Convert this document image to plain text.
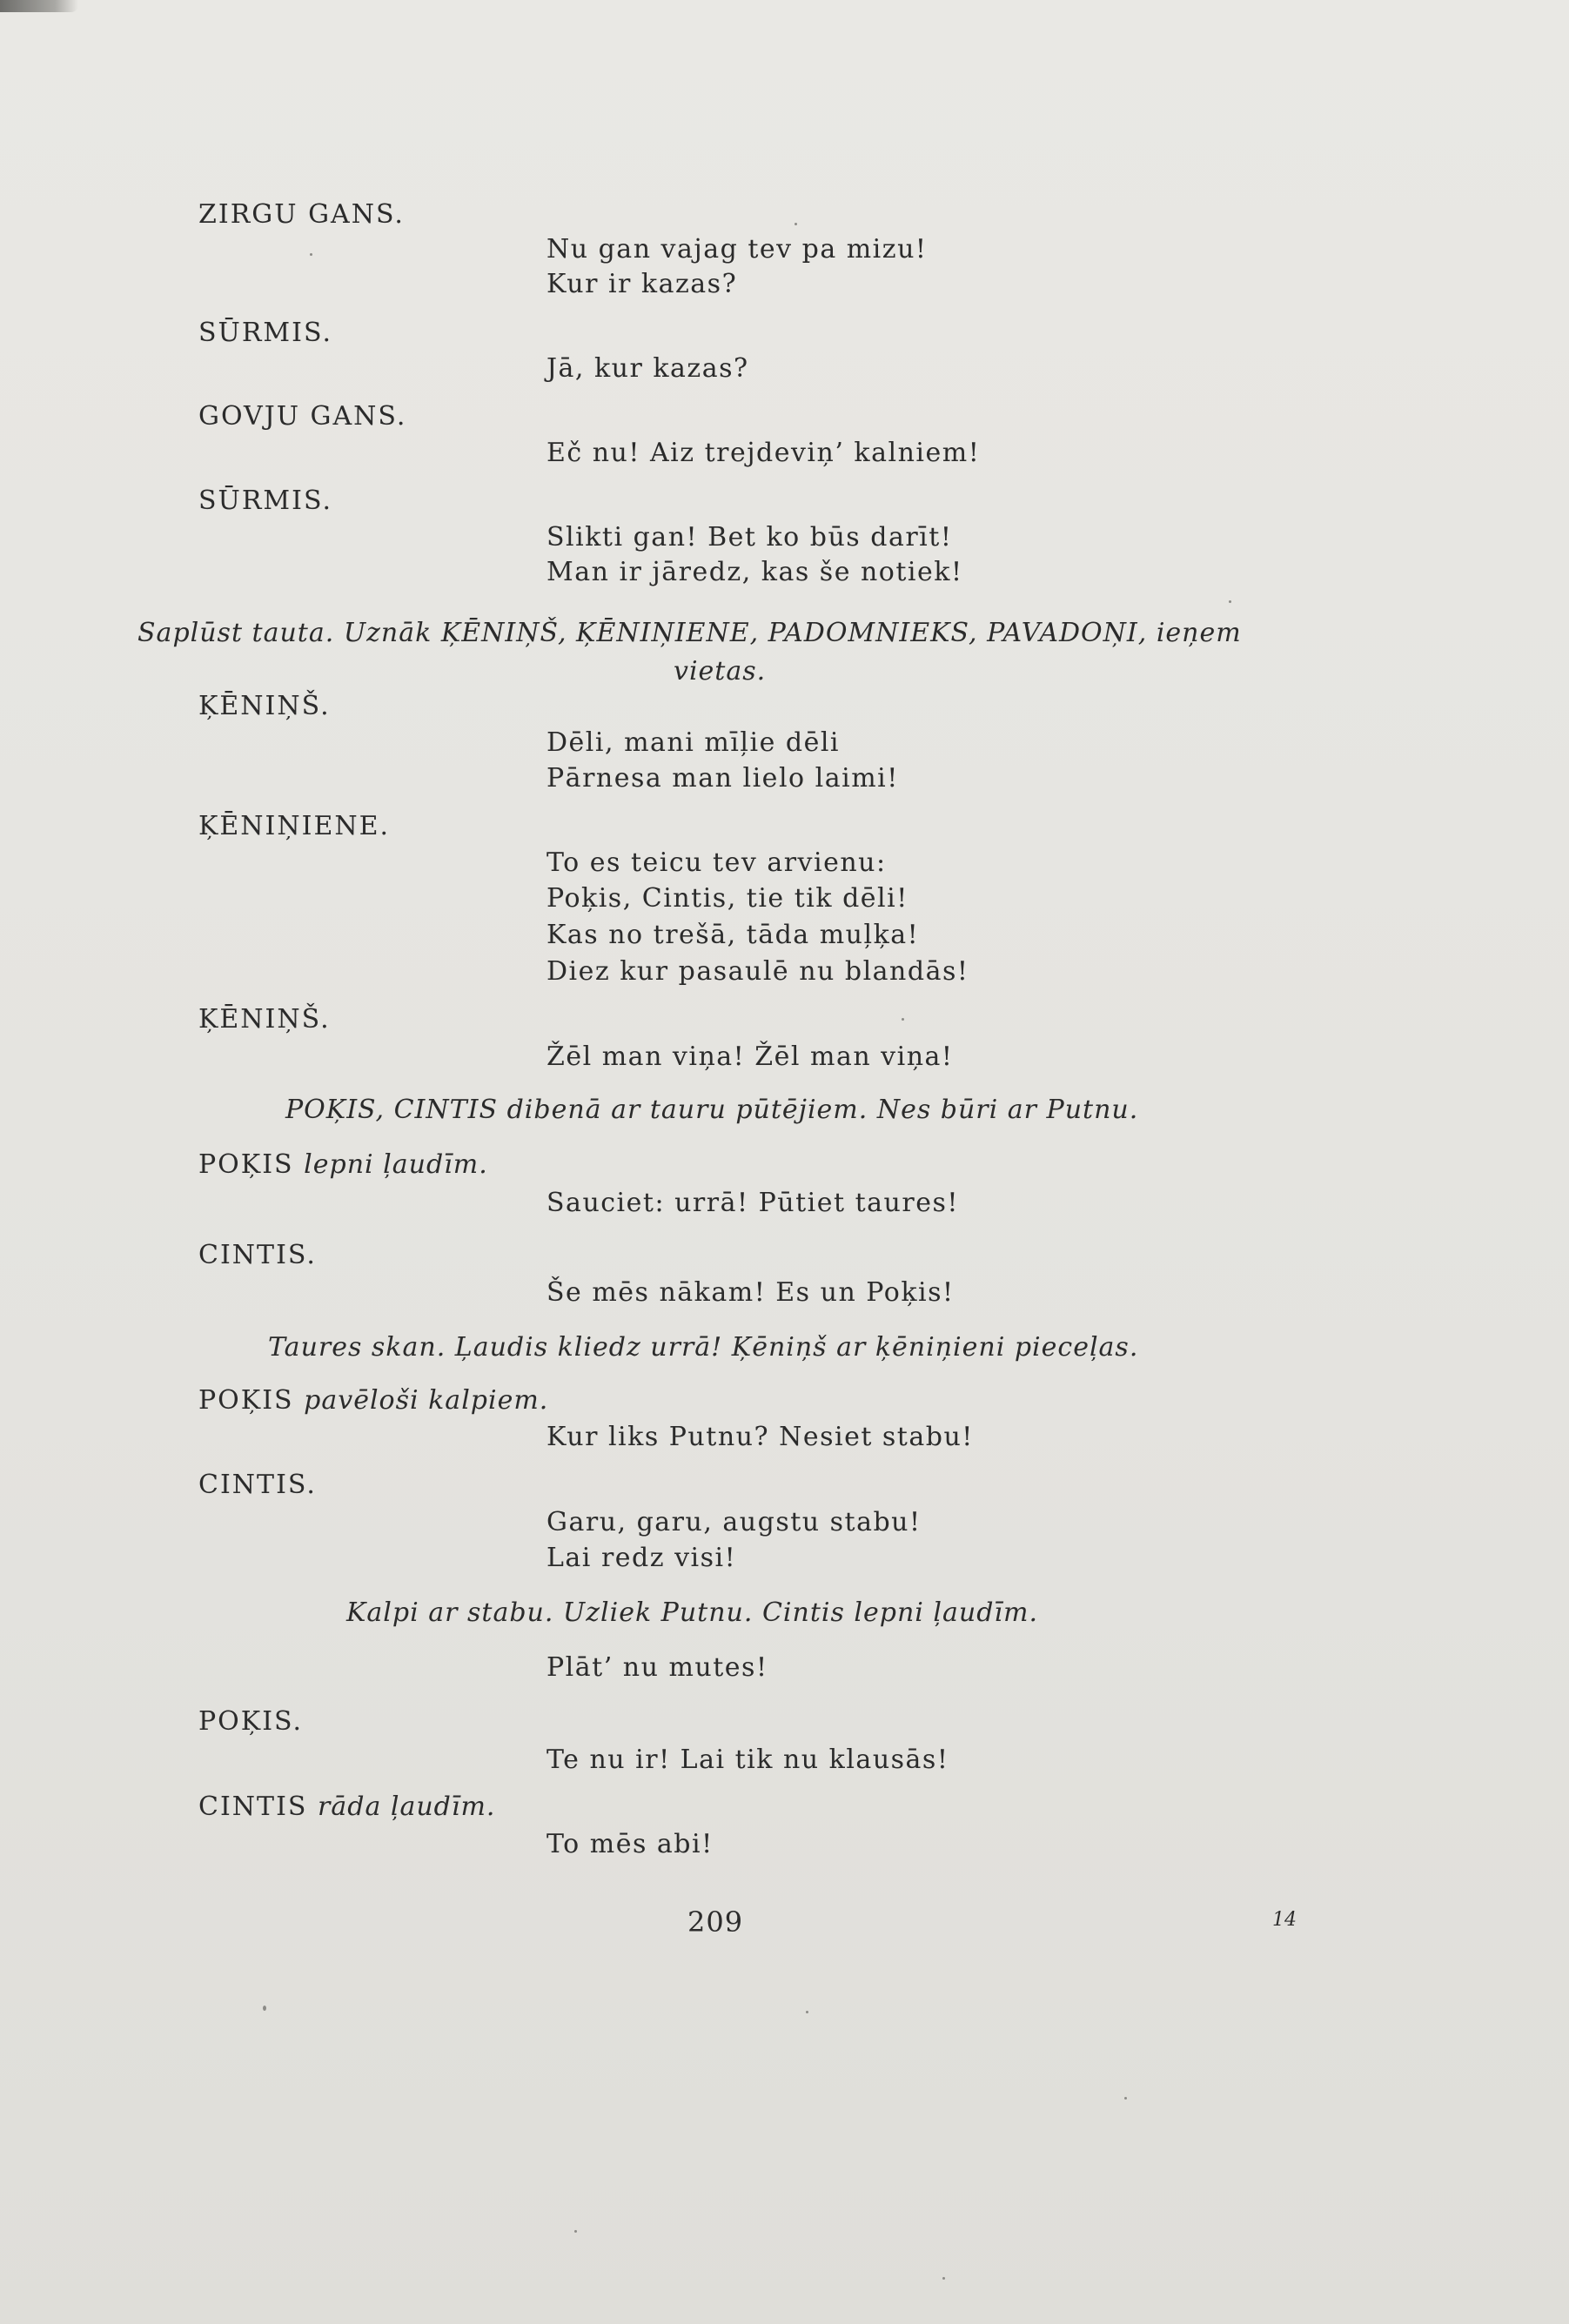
ZIRGU GANS.
Nu gan vajag tev pa mizu!
Kur ir kazas?
SŪRMIS.
Jā, kur kazas?
GOVJU GANS.
Eč nu! Aiz trejdeviņ’ kalniem!
SŪRMIS.
Slikti gan! Bet ko būs darīt!
Man ir jāredz, kas še notiek!
Saplūst tauta. Uznāk ĶĒNIŅŠ, ĶĒNIŅIENE, PADOMNIEKS, PAVADOŅI, ieņem
vietas.
ĶĒNIŅŠ.
Dēli, mani mīļie dēli
Pārnesa man lielo laimi!
ĶĒNIŅIENE.
To es teicu tev arvienu:
Poķis, Cintis, tie tik dēli!
Kas no trešā, tāda muļķa!
Diez kur pasaulē nu blandās!
ĶĒNIŅŠ.
Žēl man viņa! Žēl man viņa!
POĶIS, CINTIS dibenā ar tauru pūtējiem. Nes būri ar Putnu.
POĶIS lepni ļaudīm.
Sauciet: urrā! Pūtiet taures!
CINTIS.
Še mēs nākam! Es un Poķis!
Taures skan. Ļaudis kliedz urrā! Ķēniņš ar ķēniņieni pieceļas.
POĶIS pavēloši kalpiem.
Kur liks Putnu? Nesiet stabu!
CINTIS.
Garu, garu, augstu stabu!
Lai redz visi!
Kalpi ar stabu. Uzliek Putnu. Cintis lepni ļaudīm.
Plāt’ nu mutes!
POĶIS.
Te nu ir! Lai tik nu klausās!
CINTIS rāda ļaudīm.
To mēs abi!
209	14
